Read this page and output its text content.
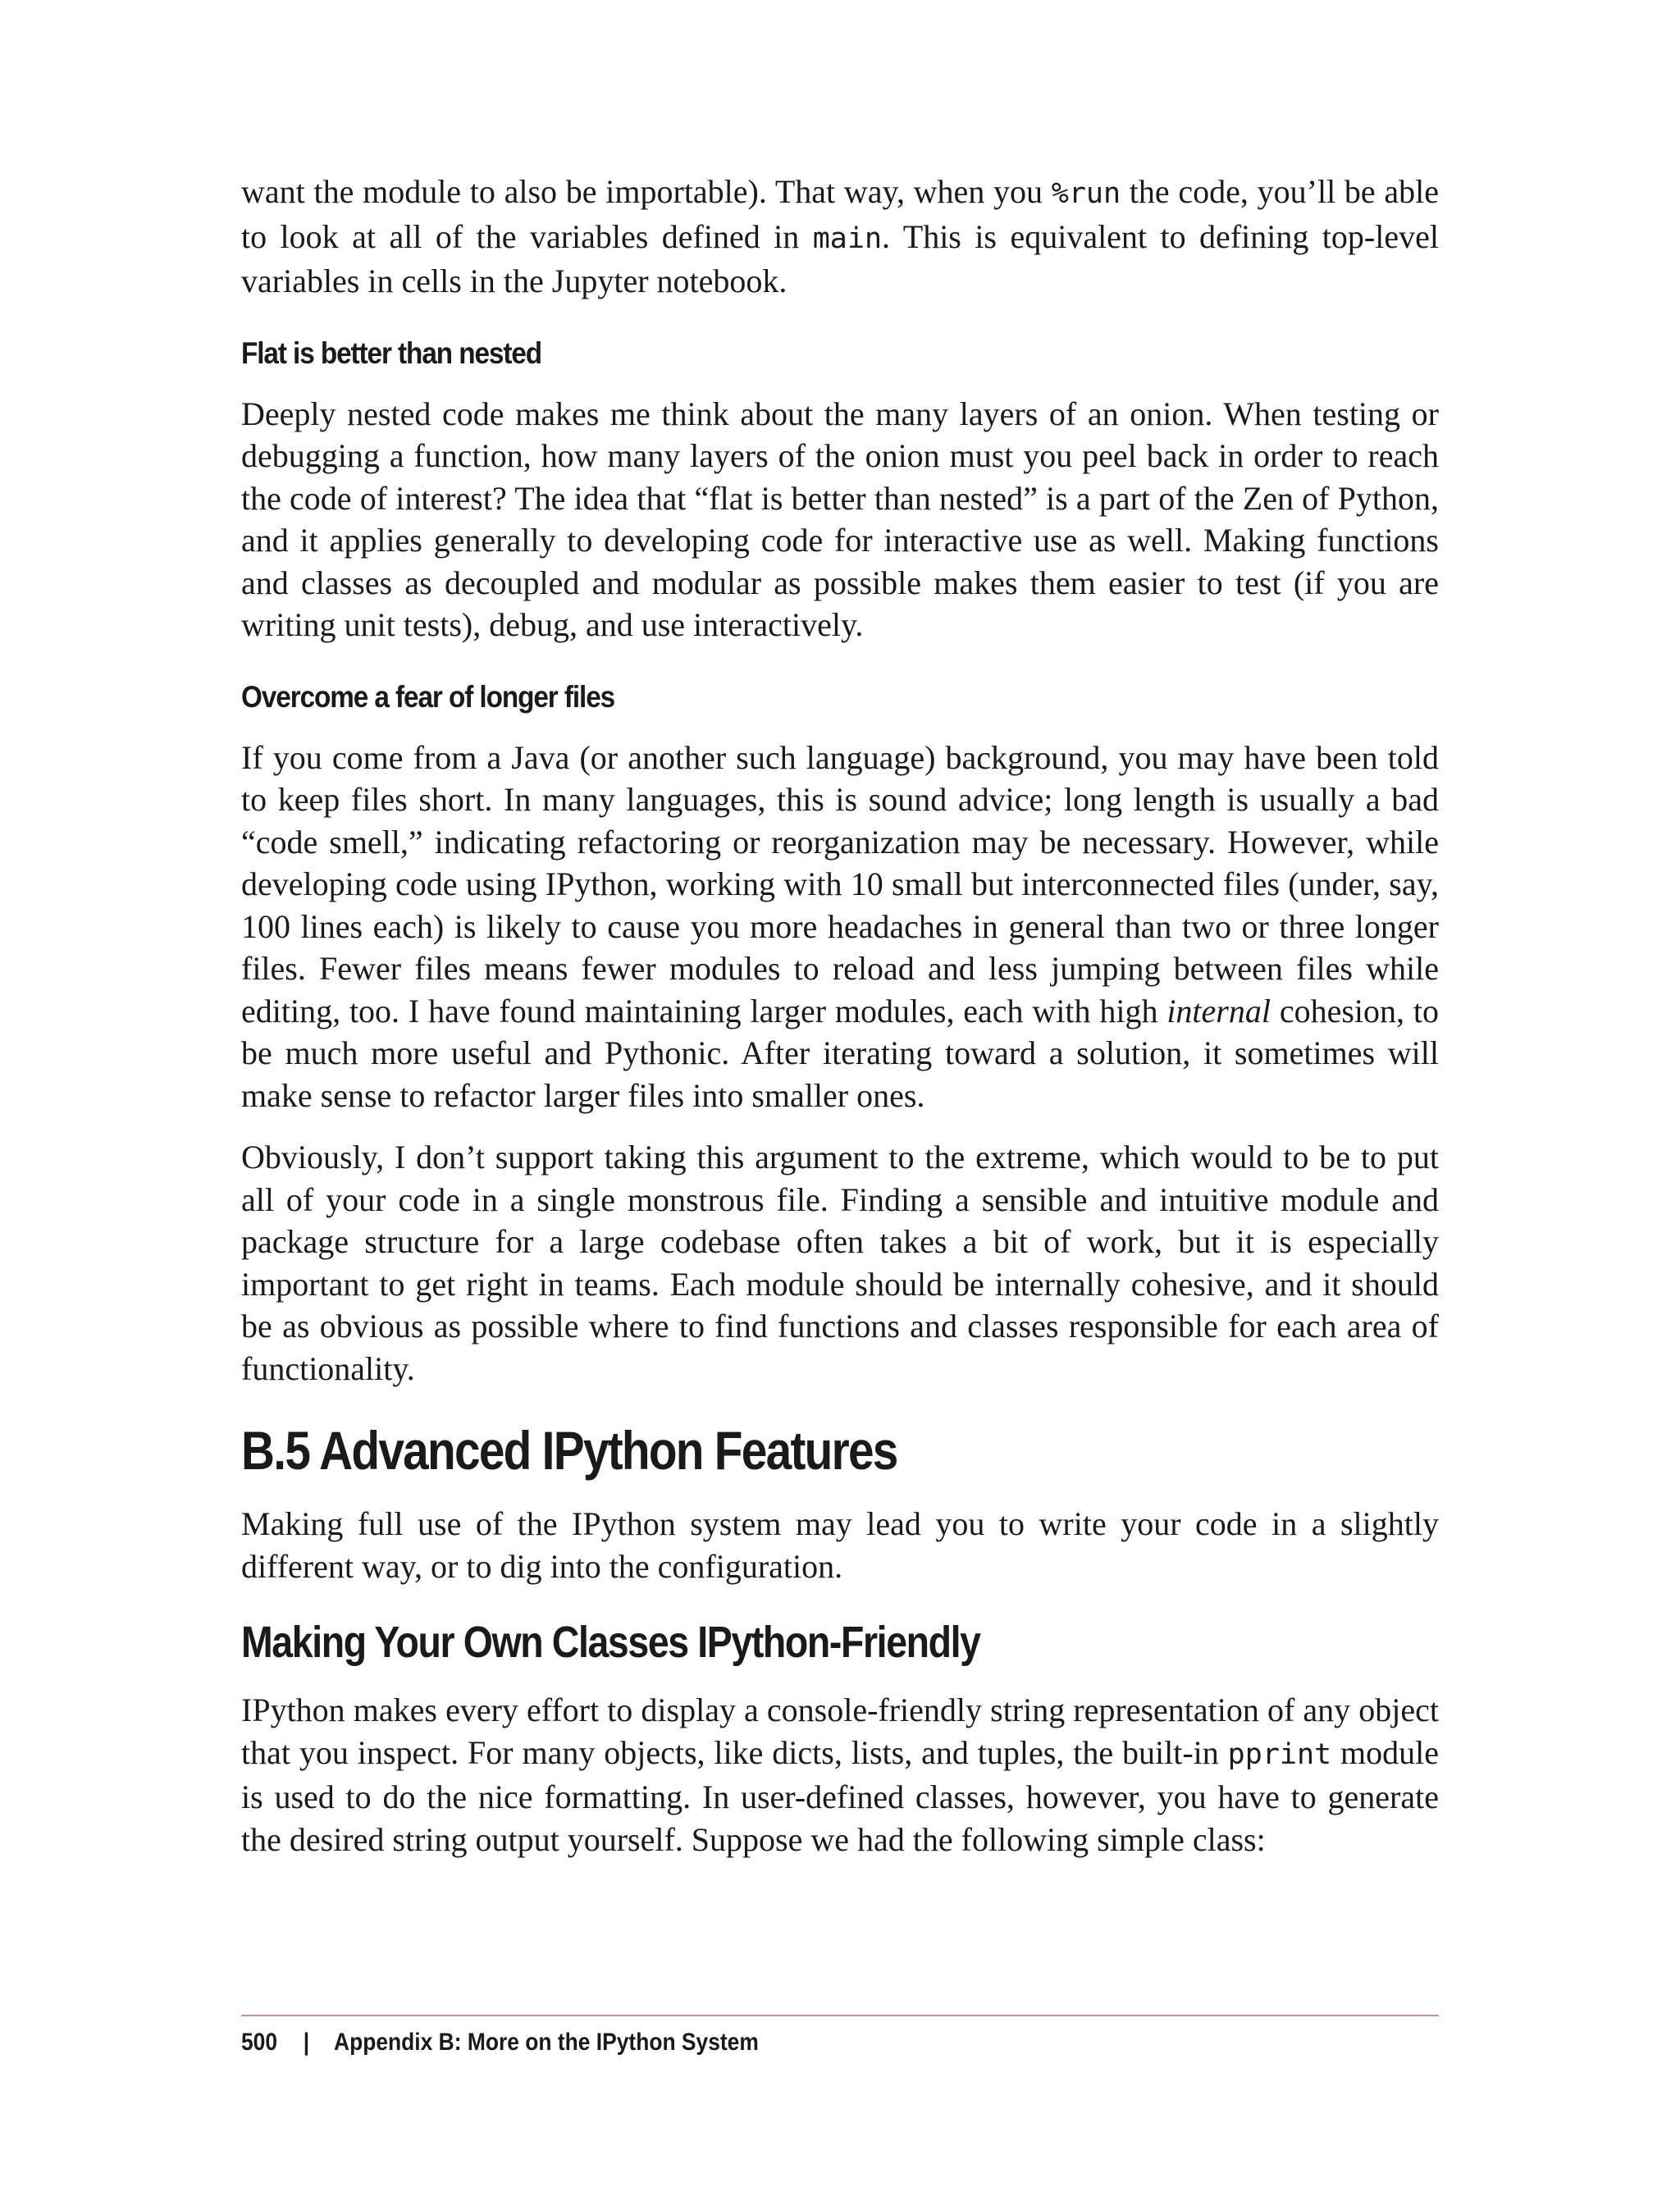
want the module to also be importable). That way, when you %run the code, you’ll be able to look at all of the variables defined in main. This is equivalent to defining top-level variables in cells in the Jupyter notebook.

Flat is better than nested

Deeply nested code makes me think about the many layers of an onion. When testing or debugging a function, how many layers of the onion must you peel back in order to reach the code of interest? The idea that “flat is better than nested” is a part of the Zen of Python, and it applies generally to developing code for interactive use as well. Making functions and classes as decoupled and modular as possible makes them easier to test (if you are writing unit tests), debug, and use interactively.

Overcome a fear of longer files

If you come from a Java (or another such language) background, you may have been told to keep files short. In many languages, this is sound advice; long length is usually a bad “code smell,” indicating refactoring or reorganization may be necessary. However, while developing code using IPython, working with 10 small but interconnected files (under, say, 100 lines each) is likely to cause you more headaches in general than two or three longer files. Fewer files means fewer modules to reload and less jumping between files while editing, too. I have found maintaining larger modules, each with high internal cohesion, to be much more useful and Pythonic. After iterating toward a solution, it sometimes will make sense to refactor larger files into smaller ones.

Obviously, I don’t support taking this argument to the extreme, which would to be to put all of your code in a single monstrous file. Finding a sensible and intuitive module and package structure for a large codebase often takes a bit of work, but it is especially important to get right in teams. Each module should be internally cohesive, and it should be as obvious as possible where to find functions and classes responsible for each area of functionality.

B.5 Advanced IPython Features

Making full use of the IPython system may lead you to write your code in a slightly different way, or to dig into the configuration.

Making Your Own Classes IPython-Friendly

IPython makes every effort to display a console-friendly string representation of any object that you inspect. For many objects, like dicts, lists, and tuples, the built-in pprint module is used to do the nice formatting. In user-defined classes, however, you have to generate the desired string output yourself. Suppose we had the following simple class:

500 | Appendix B: More on the IPython System
